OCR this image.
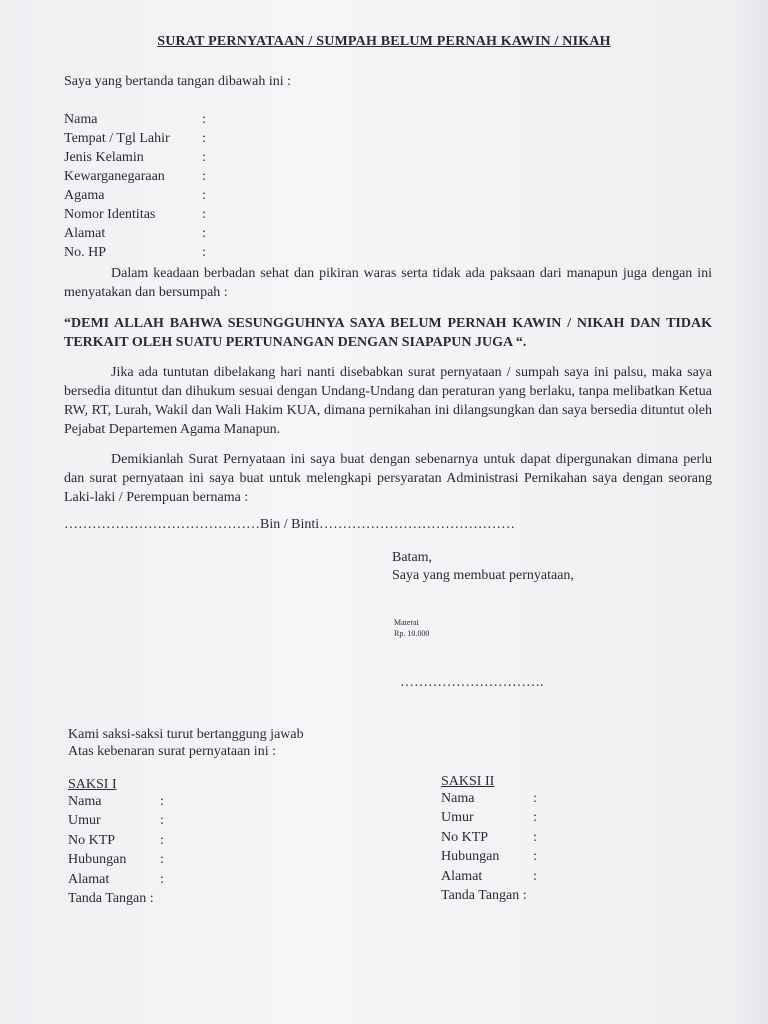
SURAT PERNYATAAN / SUMPAH BELUM PERNAH KAWIN / NIKAH
Saya yang bertanda tangan dibawah ini :
Nama	:
Tempat / Tgl Lahir :
Jenis Kelamin	:
Kewarganegaraan	:
Agama	:
Nomor Identitas	:
Alamat	:
No. HP	:
Dalam keadaan berbadan sehat dan pikiran waras serta tidak ada paksaan dari manapun juga dengan ini menyatakan dan bersumpah :
“DEMI ALLAH BAHWA SESUNGGUHNYA SAYA BELUM PERNAH KAWIN / NIKAH DAN TIDAK TERKAIT OLEH SUATU PERTUNANGAN DENGAN SIAPAPUN JUGA “.
Jika ada tuntutan dibelakang hari nanti disebabkan surat pernyataan / sumpah saya ini palsu, maka saya bersedia dituntut dan dihukum sesuai dengan Undang-Undang dan peraturan yang berlaku, tanpa melibatkan Ketua RW, RT, Lurah, Wakil dan Wali Hakim KUA, dimana pernikahan ini dilangsungkan dan saya bersedia dituntut oleh Pejabat Departemen Agama Manapun.
Demikianlah Surat Pernyataan ini saya buat dengan sebenarnya untuk dapat dipergunakan dimana perlu dan surat pernyataan ini saya buat untuk melengkapi persyaratan Administrasi Pernikahan saya dengan seorang Laki-laki / Perempuan bernama :
……………………………………Bin / Binti……………………………………
Batam,
Saya yang membuat pernyataan,
Materai
Rp. 10.000
………………………….
Kami saksi-saksi turut bertanggung jawab
Atas kebenaran surat pernyataan ini :
SAKSI I
Nama	:
Umur	:
No KTP	:
Hubungan :
Alamat	:
Tanda Tangan :
SAKSI II
Nama	:
Umur	:
No KTP	:
Hubungan :
Alamat	:
Tanda Tangan :
